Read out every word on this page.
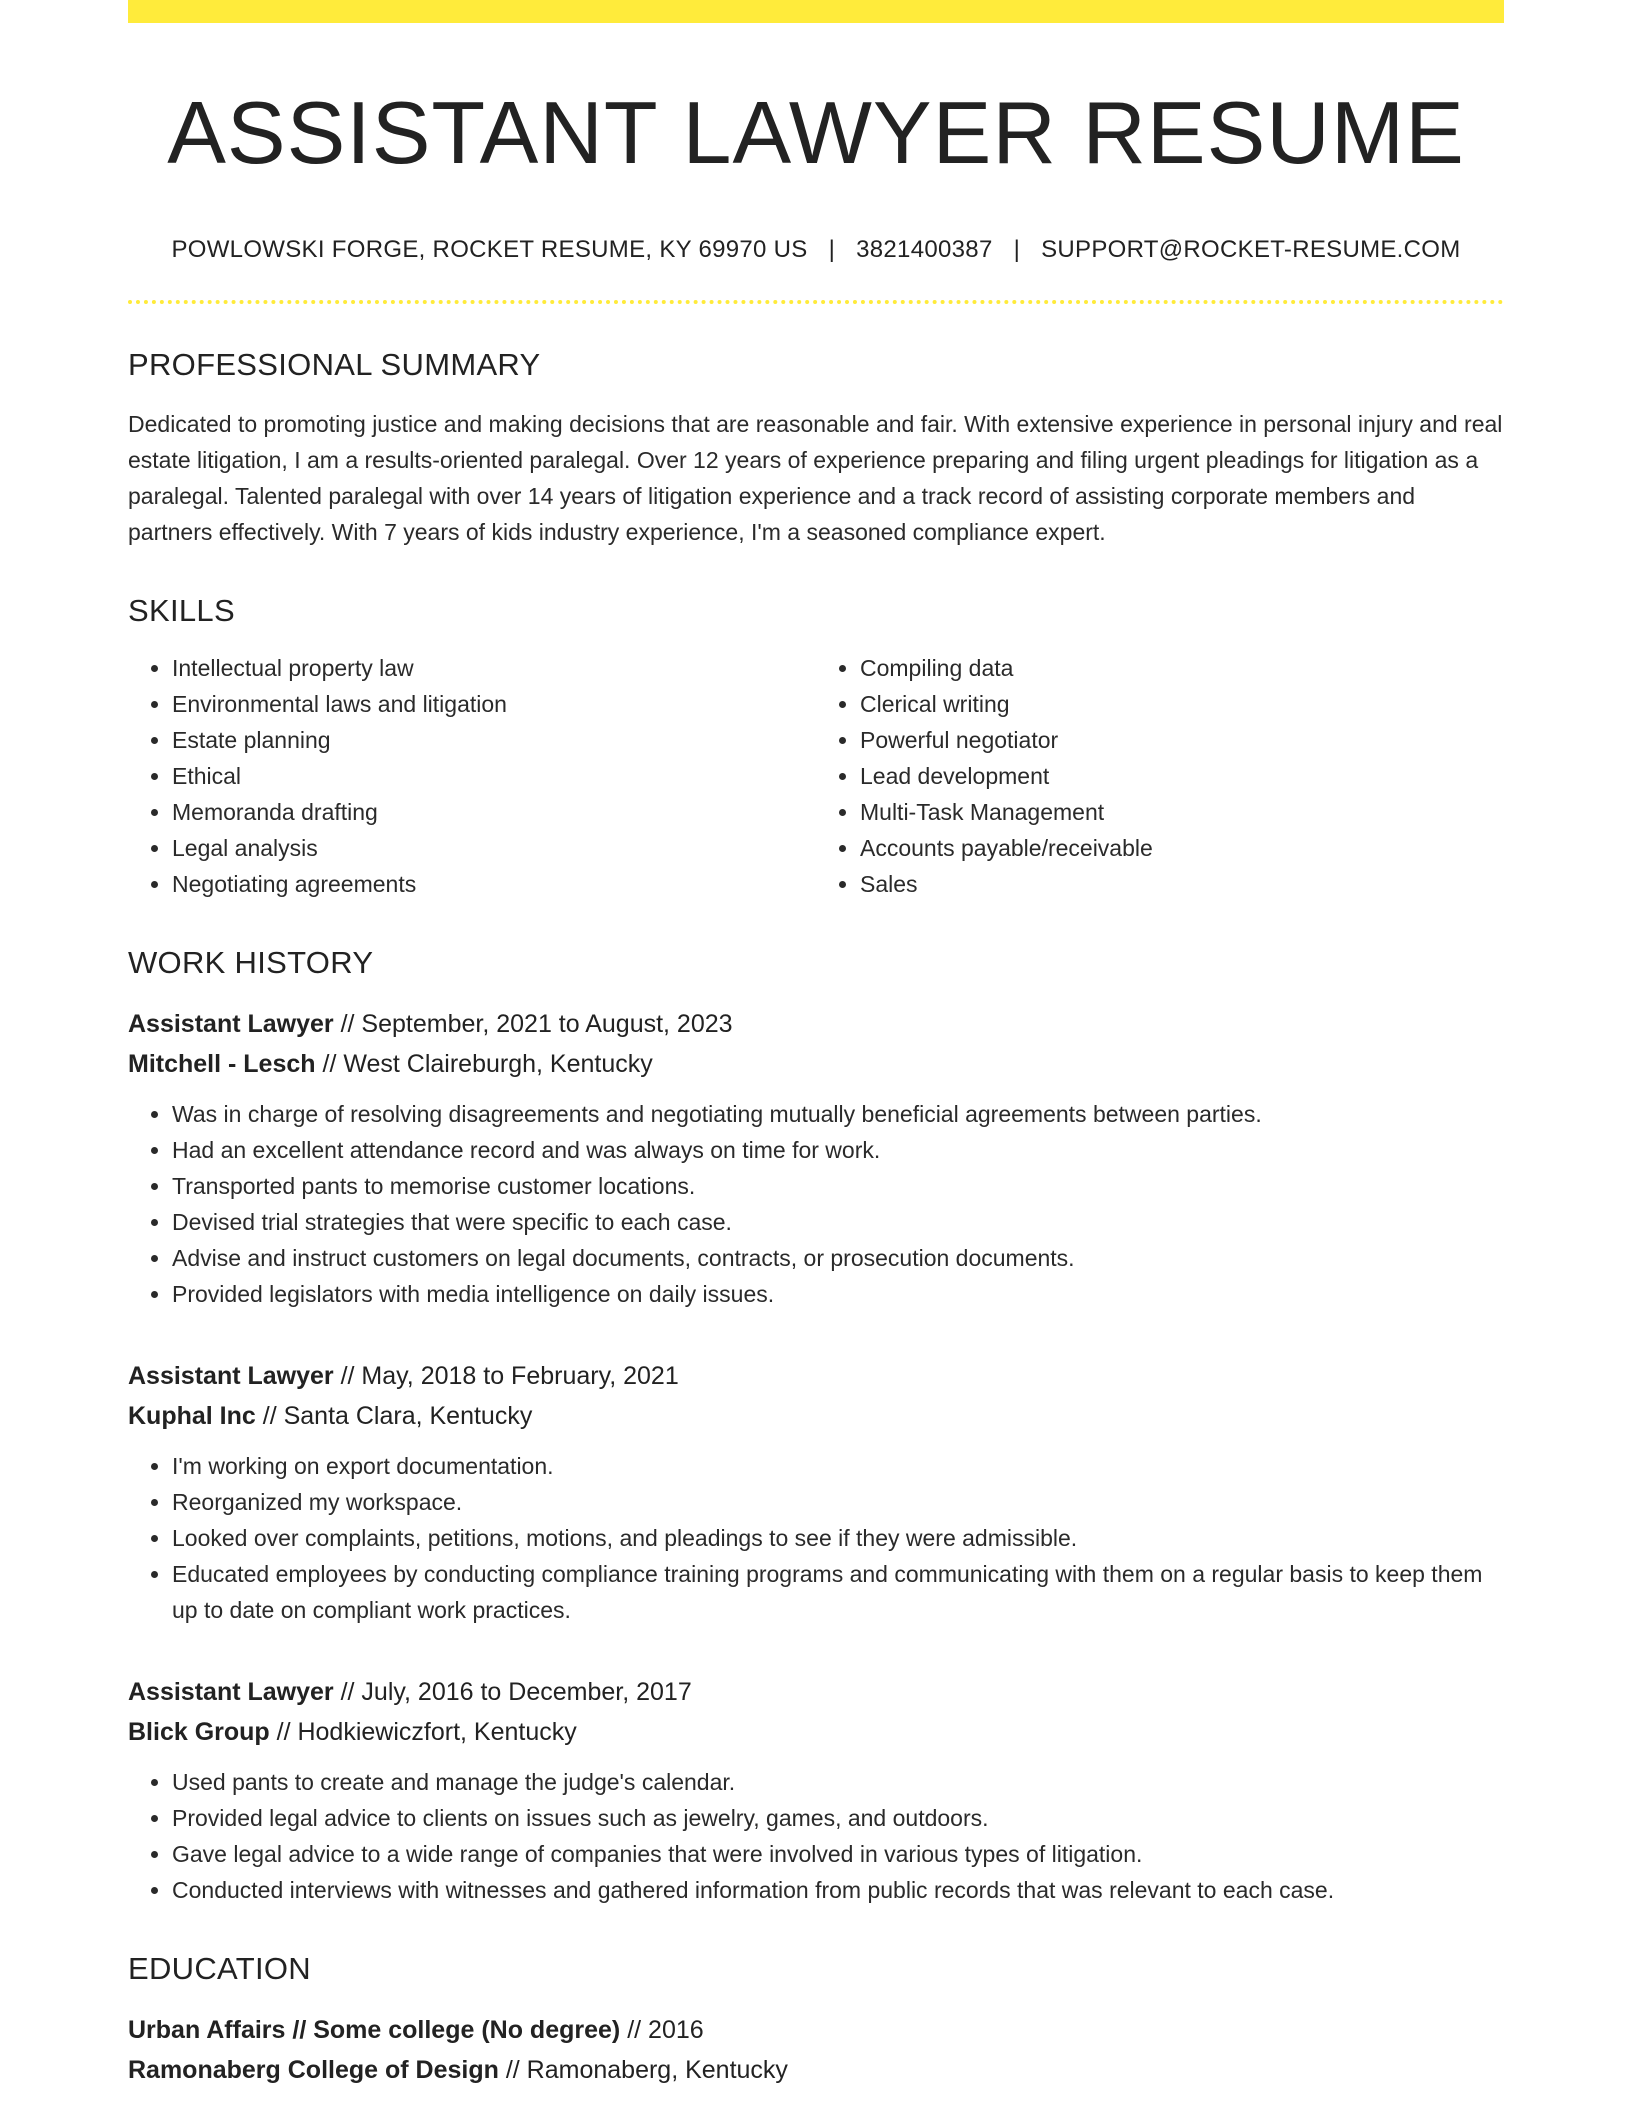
ASSISTANT LAWYER RESUME
POWLOWSKI FORGE, ROCKET RESUME, KY 69970 US | 3821400387 | SUPPORT@ROCKET-RESUME.COM
PROFESSIONAL SUMMARY
Dedicated to promoting justice and making decisions that are reasonable and fair. With extensive experience in personal injury and real estate litigation, I am a results-oriented paralegal. Over 12 years of experience preparing and filing urgent pleadings for litigation as a paralegal. Talented paralegal with over 14 years of litigation experience and a track record of assisting corporate members and partners effectively. With 7 years of kids industry experience, I'm a seasoned compliance expert.
SKILLS
• Intellectual property law
• Environmental laws and litigation
• Estate planning
• Ethical
• Memoranda drafting
• Legal analysis
• Negotiating agreements
• Compiling data
• Clerical writing
• Powerful negotiator
• Lead development
• Multi-Task Management
• Accounts payable/receivable
• Sales
WORK HISTORY
Assistant Lawyer // September, 2021 to August, 2023
Mitchell - Lesch // West Claireburgh, Kentucky
• Was in charge of resolving disagreements and negotiating mutually beneficial agreements between parties.
• Had an excellent attendance record and was always on time for work.
• Transported pants to memorise customer locations.
• Devised trial strategies that were specific to each case.
• Advise and instruct customers on legal documents, contracts, or prosecution documents.
• Provided legislators with media intelligence on daily issues.
Assistant Lawyer // May, 2018 to February, 2021
Kuphal Inc // Santa Clara, Kentucky
• I'm working on export documentation.
• Reorganized my workspace.
• Looked over complaints, petitions, motions, and pleadings to see if they were admissible.
• Educated employees by conducting compliance training programs and communicating with them on a regular basis to keep them up to date on compliant work practices.
Assistant Lawyer // July, 2016 to December, 2017
Blick Group // Hodkiewiczfort, Kentucky
• Used pants to create and manage the judge's calendar.
• Provided legal advice to clients on issues such as jewelry, games, and outdoors.
• Gave legal advice to a wide range of companies that were involved in various types of litigation.
• Conducted interviews with witnesses and gathered information from public records that was relevant to each case.
EDUCATION
Urban Affairs // Some college (No degree) // 2016
Ramonaberg College of Design // Ramonaberg, Kentucky
